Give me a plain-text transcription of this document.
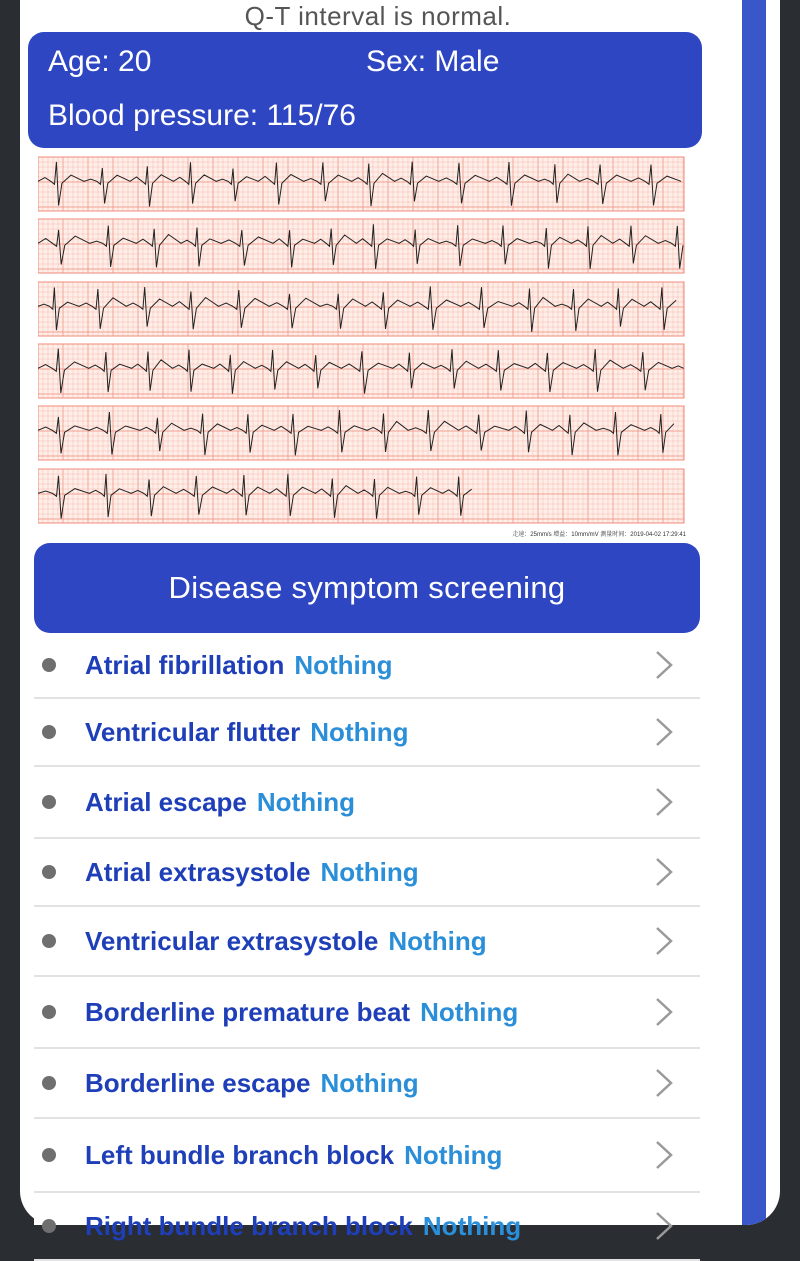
Q-T interval is normal.
Age: 20	Sex: Male
Blood pressure: 115/76
走速：25mm/s 增益：10mm/mV 测量时间：2019-04-02 17:29:41
Disease symptom screening
Atrial fibrillation Nothing
Ventricular flutter Nothing
Atrial escape Nothing
Atrial extrasystole Nothing
Ventricular extrasystole Nothing
Borderline premature beat Nothing
Borderline escape Nothing
Left bundle branch block Nothing
Right bundle branch block Nothing
